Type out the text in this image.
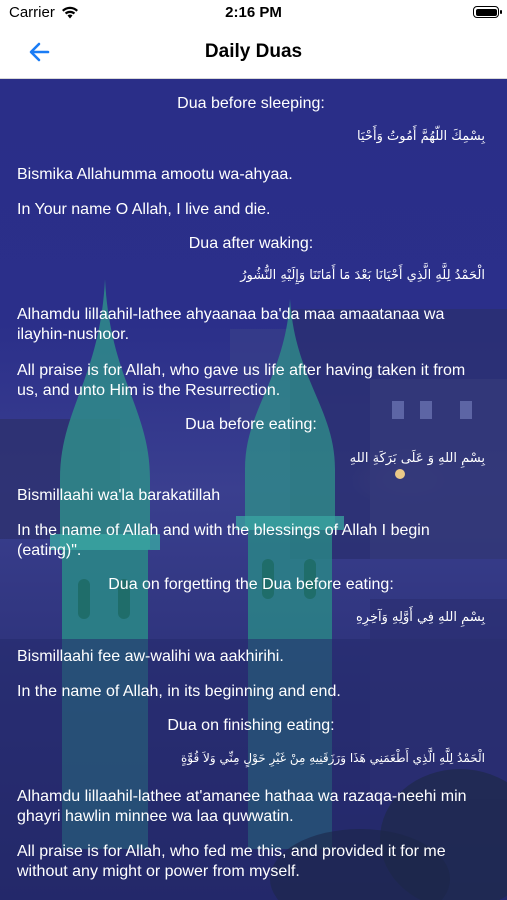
Carrier	2:16 PM
Daily Duas

Dua before sleeping:

بِسْمِكَ اللّهُمَّ أَمُوتُ وَأَحْيَا

Bismika Allahumma amootu wa-ahyaa.

In Your name O Allah, I live and die.

Dua after waking:

الْحَمْدُ لِلَّهِ الَّذِي أَحْيَانَا بَعْدَ مَا أَمَاتَنَا وَإِلَيْهِ النُّشُورُ

Alhamdu lillaahil-lathee ahyaanaa ba'da maa amaatanaa wa ilayhin-nushoor.

All praise is for Allah, who gave us life after having taken it from us, and unto Him is the Resurrection.

Dua before eating:

بِسْمِ اللهِ وَ عَلَى بَرَكَةِ اللهِ

Bismillaahi wa'la barakatillah

In the name of Allah and with the blessings of Allah I begin (eating)".

Dua on forgetting the Dua before eating:

بِسْمِ اللهِ فِي أَوَّلِهِ وَآخِرِهِ

Bismillaahi fee aw-walihi wa aakhirihi.

In the name of Allah, in its beginning and end.

Dua on finishing eating:

الْحَمْدُ لِلَّهِ الَّذِي أَطْعَمَنِي هَذَا وَرَزَقَنِيهِ مِنْ غَيْرِ حَوْلٍ مِنِّي وَلاَ قُوَّةٍ

Alhamdu lillaahil-lathee at'amanee hathaa wa razaqa-neehi min ghayri hawlin minnee wa laa quwwatin.

All praise is for Allah, who fed me this, and provided it for me without any might or power from myself.
